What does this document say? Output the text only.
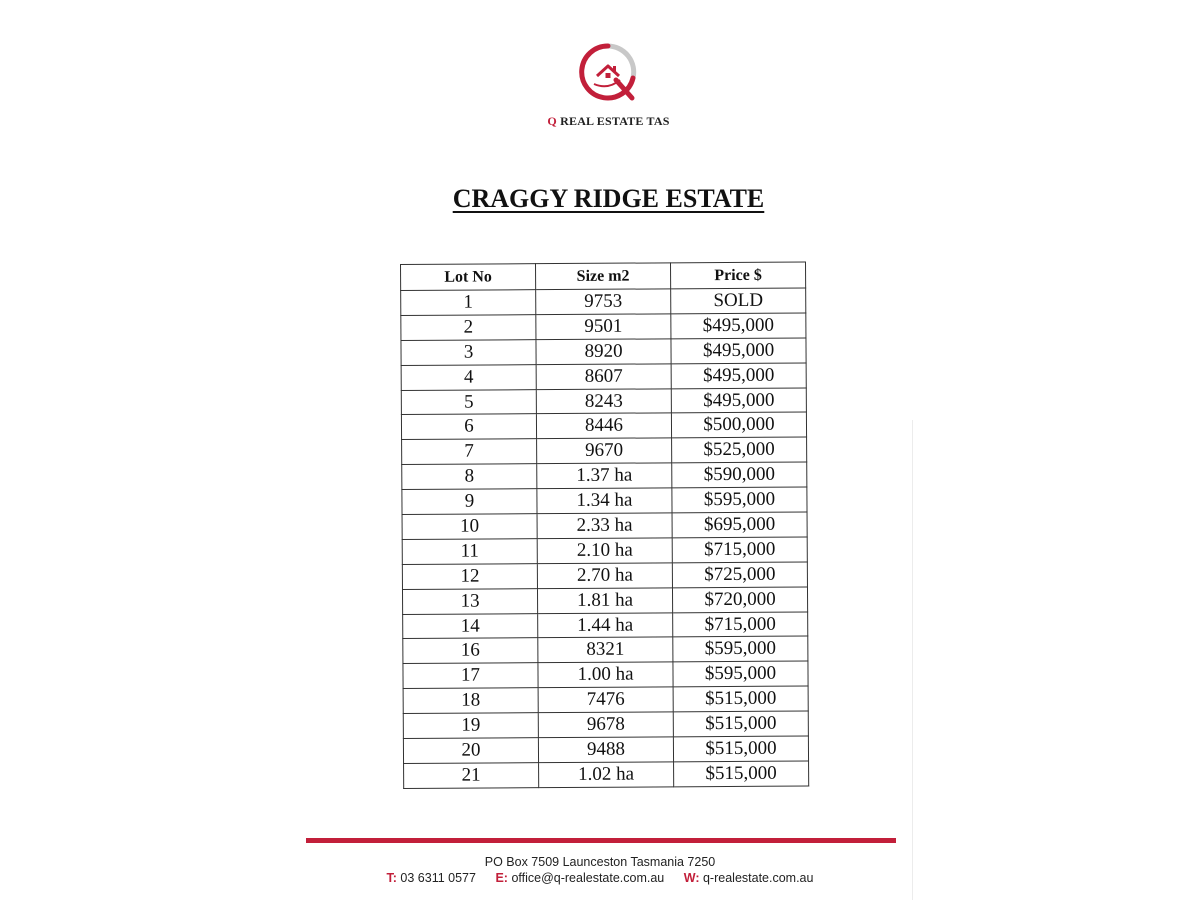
Q REAL ESTATE TAS
CRAGGY RIDGE ESTATE
Lot No	Size m2	Price $
1	9753	SOLD
2	9501	$495,000
3	8920	$495,000
4	8607	$495,000
5	8243	$495,000
6	8446	$500,000
7	9670	$525,000
8	1.37 ha	$590,000
9	1.34 ha	$595,000
10	2.33 ha	$695,000
11	2.10 ha	$715,000
12	2.70 ha	$725,000
13	1.81 ha	$720,000
14	1.44 ha	$715,000
16	8321	$595,000
17	1.00 ha	$595,000
18	7476	$515,000
19	9678	$515,000
20	9488	$515,000
21	1.02 ha	$515,000
PO Box 7509 Launceston Tasmania 7250
T: 03 6311 0577 E: office@q-realestate.com.au W: q-realestate.com.au
